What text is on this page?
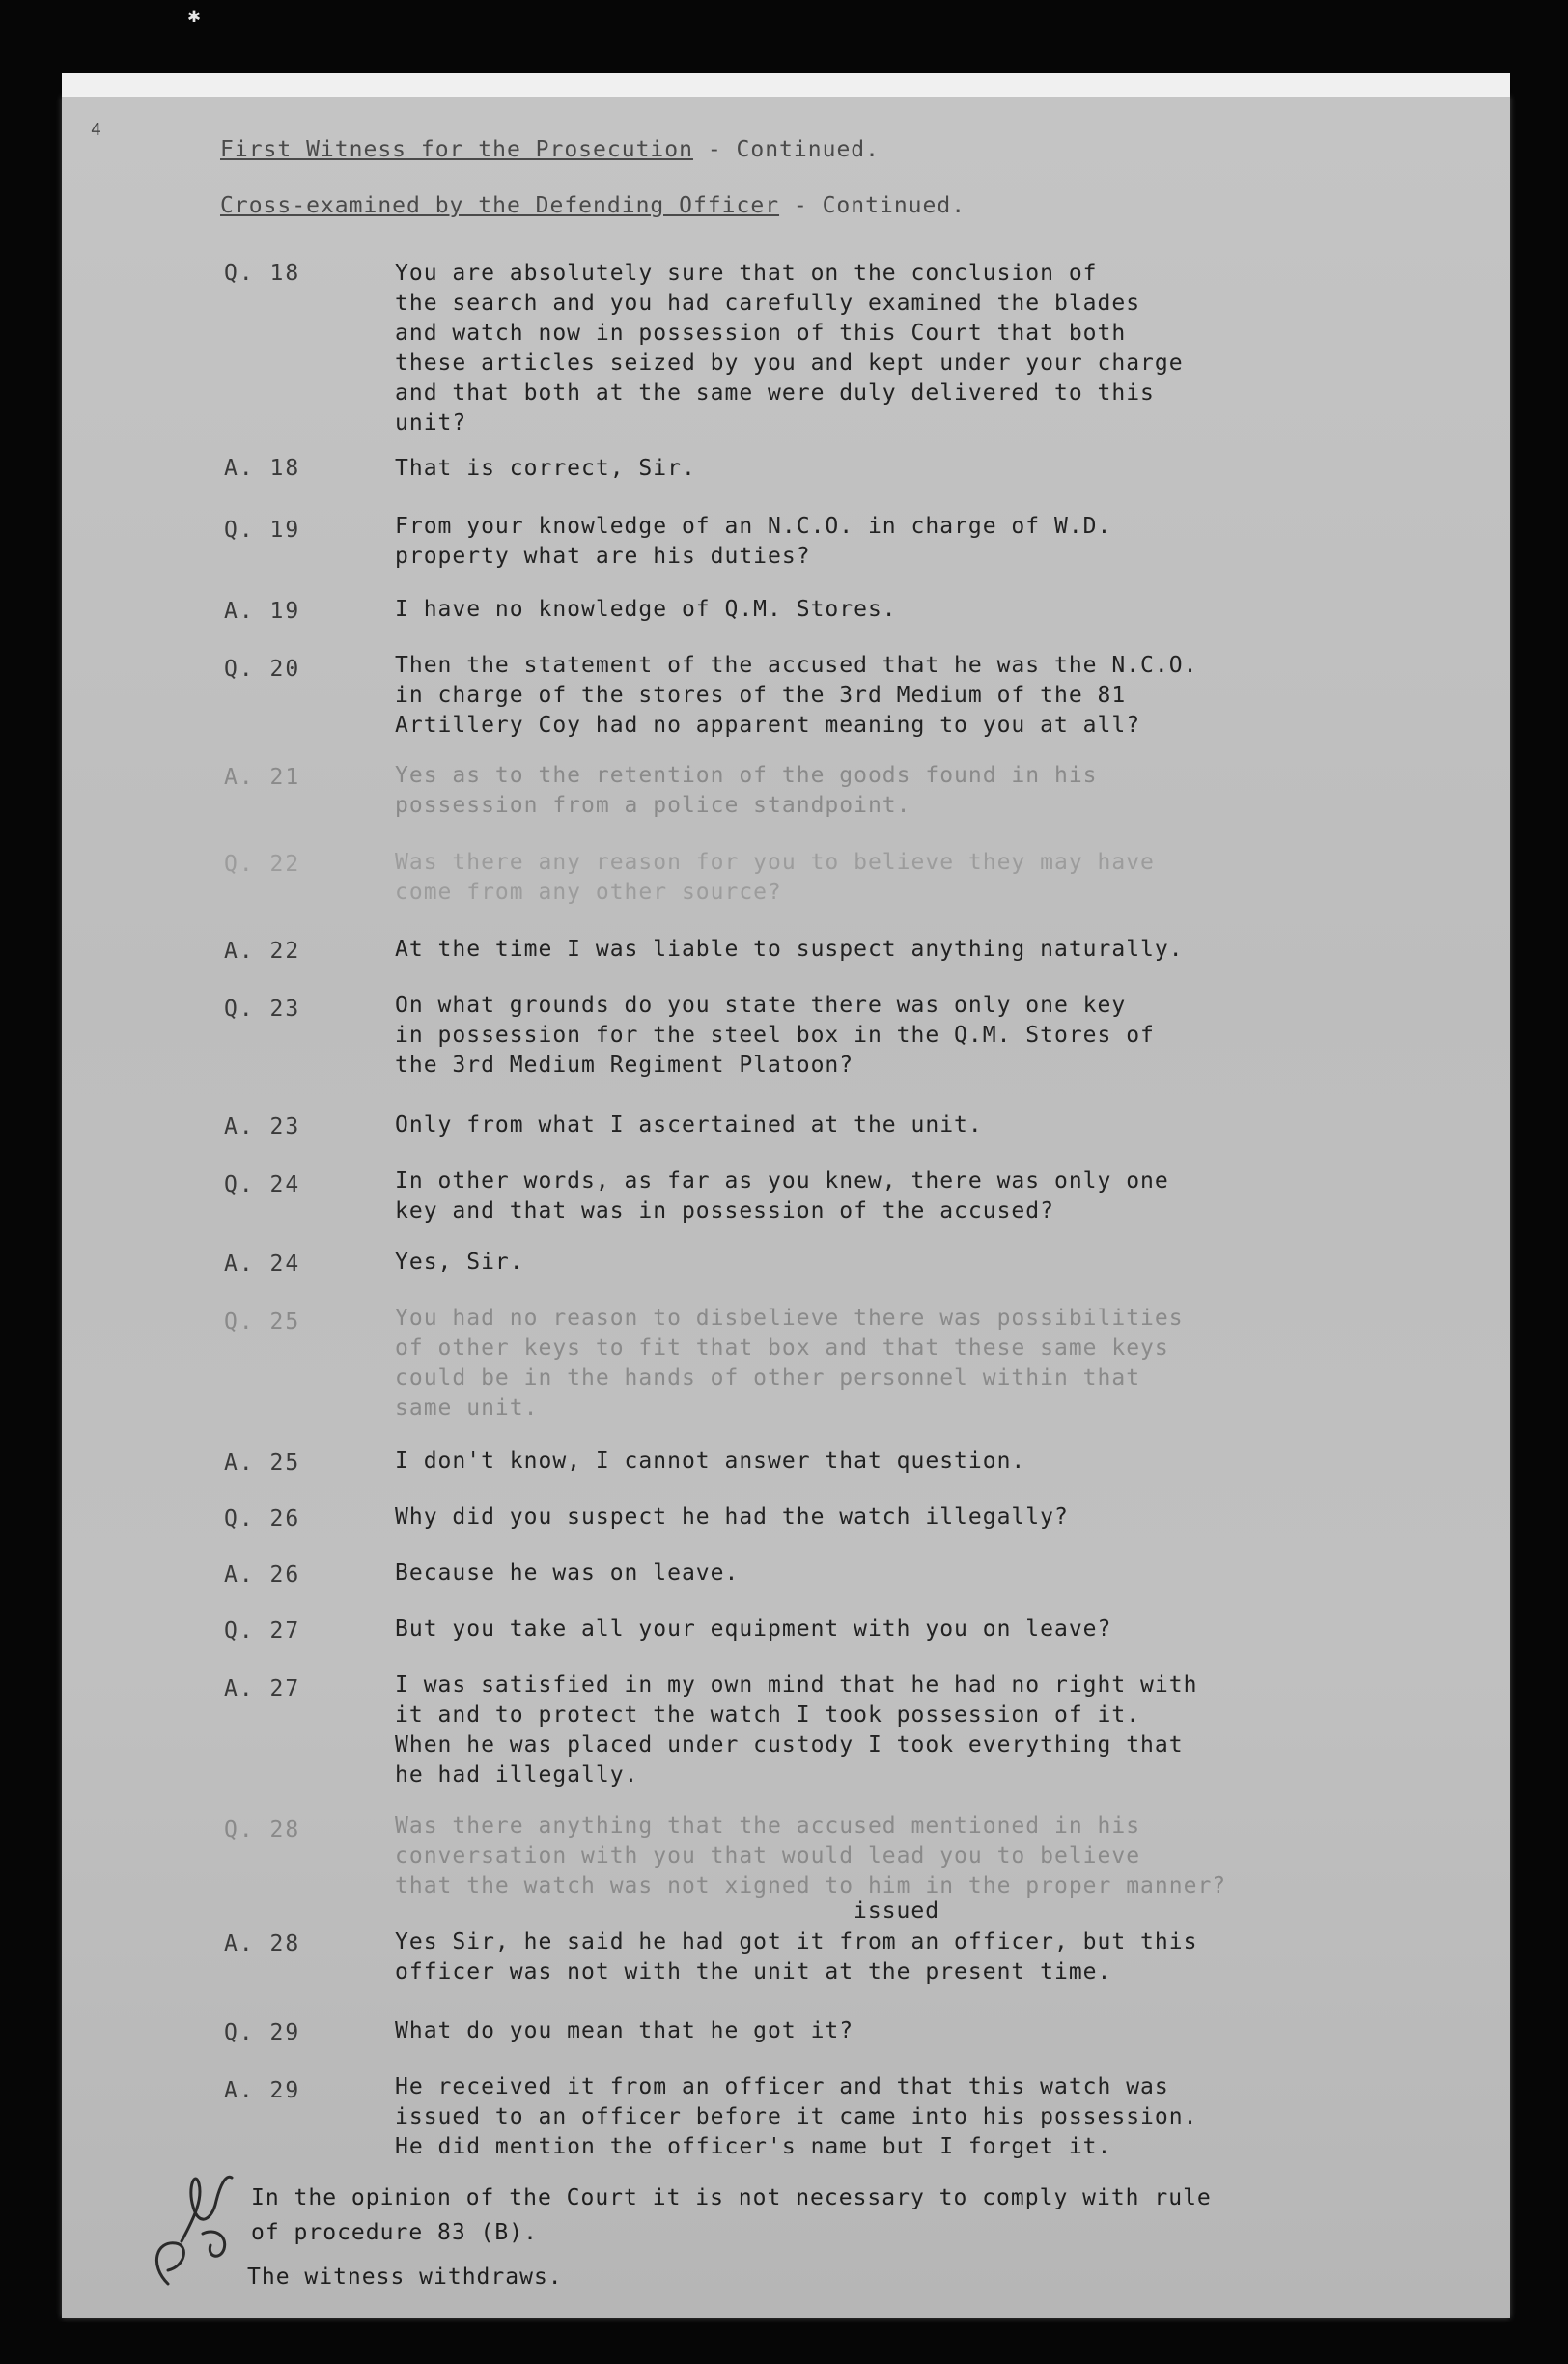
✱
4
First Witness for the Prosecution - Continued.
Cross-examined by the Defending Officer - Continued.
Q. 18	You are absolutely sure that on the conclusion of
the search and you had carefully examined the blades
and watch now in possession of this Court that both
these articles seized by you and kept under your charge
and that both at the same were duly delivered to this
unit?
A. 18	That is correct, Sir.
Q. 19	From your knowledge of an N.C.O. in charge of W.D.
property what are his duties?
A. 19	I have no knowledge of Q.M. Stores.
Q. 20	Then the statement of the accused that he was the N.C.O.
in charge of the stores of the 3rd Medium of the 81
Artillery Coy had no apparent meaning to you at all?
A. 21	Yes as to the retention of the goods found in his
possession from a police standpoint.
Q. 22	Was there any reason for you to believe they may have
come from any other source?
A. 22	At the time I was liable to suspect anything naturally.
Q. 23	On what grounds do you state there was only one key
in possession for the steel box in the Q.M. Stores of
the 3rd Medium Regiment Platoon?
A. 23	Only from what I ascertained at the unit.
Q. 24	In other words, as far as you knew, there was only one
key and that was in possession of the accused?
A. 24	Yes, Sir.
Q. 25	You had no reason to disbelieve there was possibilities
of other keys to fit that box and that these same keys
could be in the hands of other personnel within that
same unit.
A. 25	I don't know, I cannot answer that question.
Q. 26	Why did you suspect he had the watch illegally?
A. 26	Because he was on leave.
Q. 27	But you take all your equipment with you on leave?
A. 27	I was satisfied in my own mind that he had no right with
it and to protect the watch I took possession of it.
When he was placed under custody I took everything that
he had illegally.
Q. 28	Was there anything that the accused mentioned in his
conversation with you that would lead you to believe
that the watch was not xigned to him in the proper manner?
issued
A. 28	Yes Sir, he said he had got it from an officer, but this
officer was not with the unit at the present time.
Q. 29	What do you mean that he got it?
A. 29	He received it from an officer and that this watch was
issued to an officer before it came into his possession.
He did mention the officer's name but I forget it.
In the opinion of the Court it is not necessary to comply with rule
of procedure 83 (B).
The witness withdraws.
